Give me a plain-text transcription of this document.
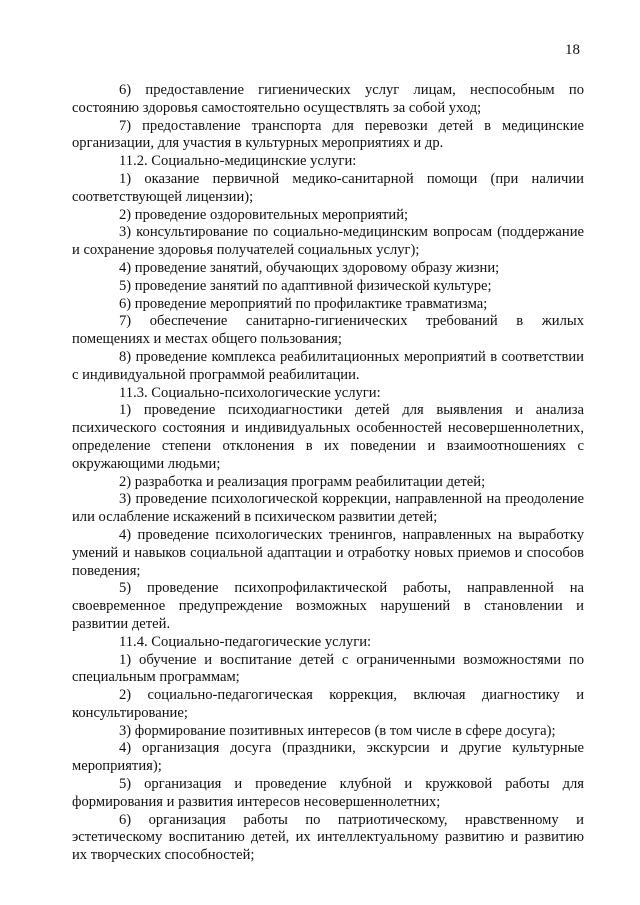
18

6) предоставление гигиенических услуг лицам, неспособным по состоянию здоровья самостоятельно осуществлять за собой уход;

7) предоставление транспорта для перевозки детей в медицинские организации, для участия в культурных мероприятиях и др.

11.2. Социально-медицинские услуги:

1) оказание первичной медико-санитарной помощи (при наличии соответствующей лицензии);

2) проведение оздоровительных мероприятий;

3) консультирование по социально-медицинским вопросам (поддержание и сохранение здоровья получателей социальных услуг);

4) проведение занятий, обучающих здоровому образу жизни;

5) проведение занятий по адаптивной физической культуре;

6) проведение мероприятий по профилактике травматизма;

7) обеспечение санитарно-гигиенических требований в жилых помещениях и местах общего пользования;

8) проведение комплекса реабилитационных мероприятий в соответствии с индивидуальной программой реабилитации.

11.3. Социально-психологические услуги:

1) проведение психодиагностики детей для выявления и анализа психического состояния и индивидуальных особенностей несовершеннолетних, определение степени отклонения в их поведении и взаимоотношениях с окружающими людьми;

2) разработка и реализация программ реабилитации детей;

3) проведение психологической коррекции, направленной на преодоление или ослабление искажений в психическом развитии детей;

4) проведение психологических тренингов, направленных на выработку умений и навыков социальной адаптации и отработку новых приемов и способов поведения;

5) проведение психопрофилактической работы, направленной на своевременное предупреждение возможных нарушений в становлении и развитии детей.

11.4. Социально-педагогические услуги:

1) обучение и воспитание детей с ограниченными возможностями по специальным программам;

2) социально-педагогическая коррекция, включая диагностику и консультирование;

3) формирование позитивных интересов (в том числе в сфере досуга);

4) организация досуга (праздники, экскурсии и другие культурные мероприятия);

5) организация и проведение клубной и кружковой работы для формирования и развития интересов несовершеннолетних;

6) организация работы по патриотическому, нравственному и эстетическому воспитанию детей, их интеллектуальному развитию и развитию их творческих способностей;
